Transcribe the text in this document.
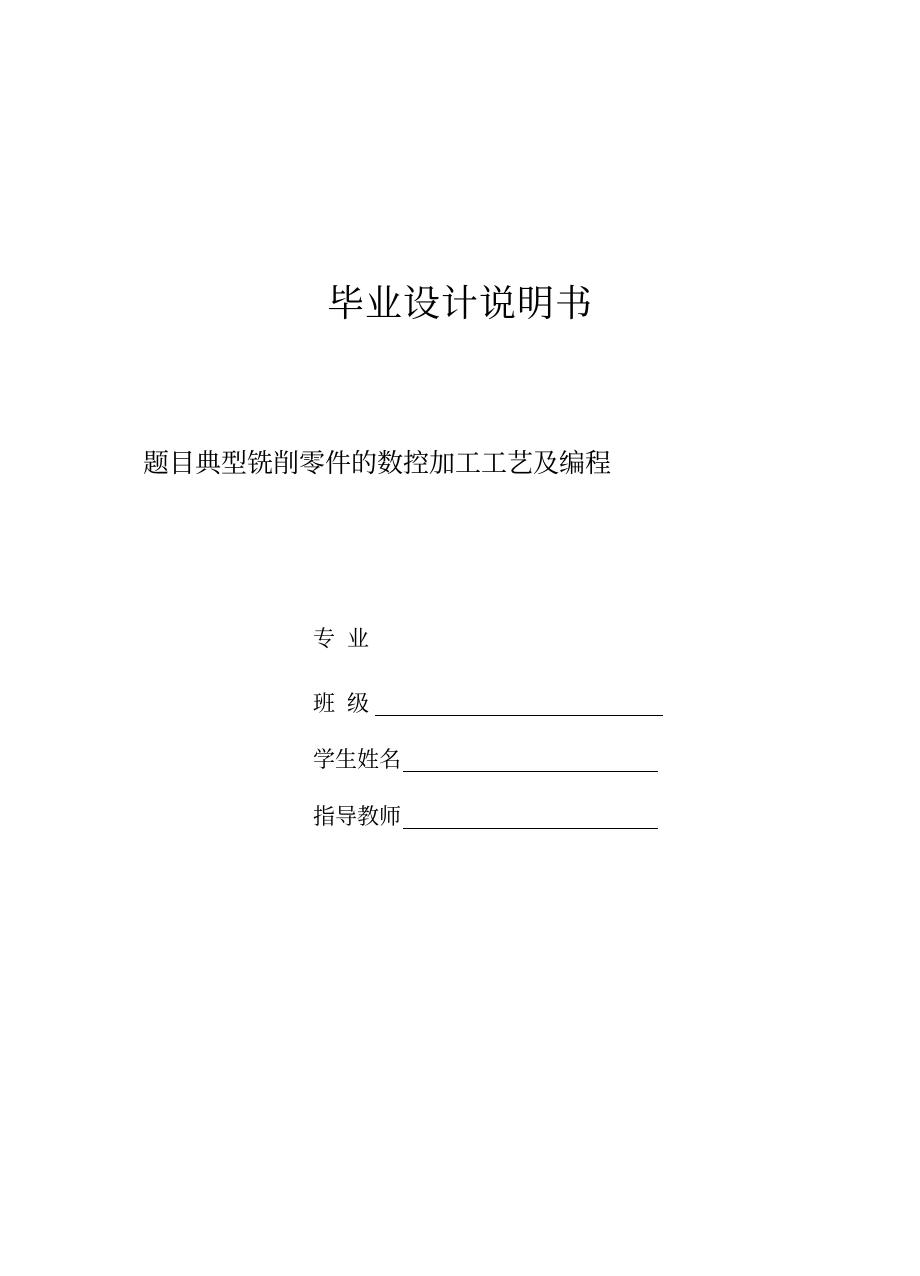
毕业设计说明书
题目典型铣削零件的数控加工工艺及编程
专业
班级
学生姓名
指导教师
